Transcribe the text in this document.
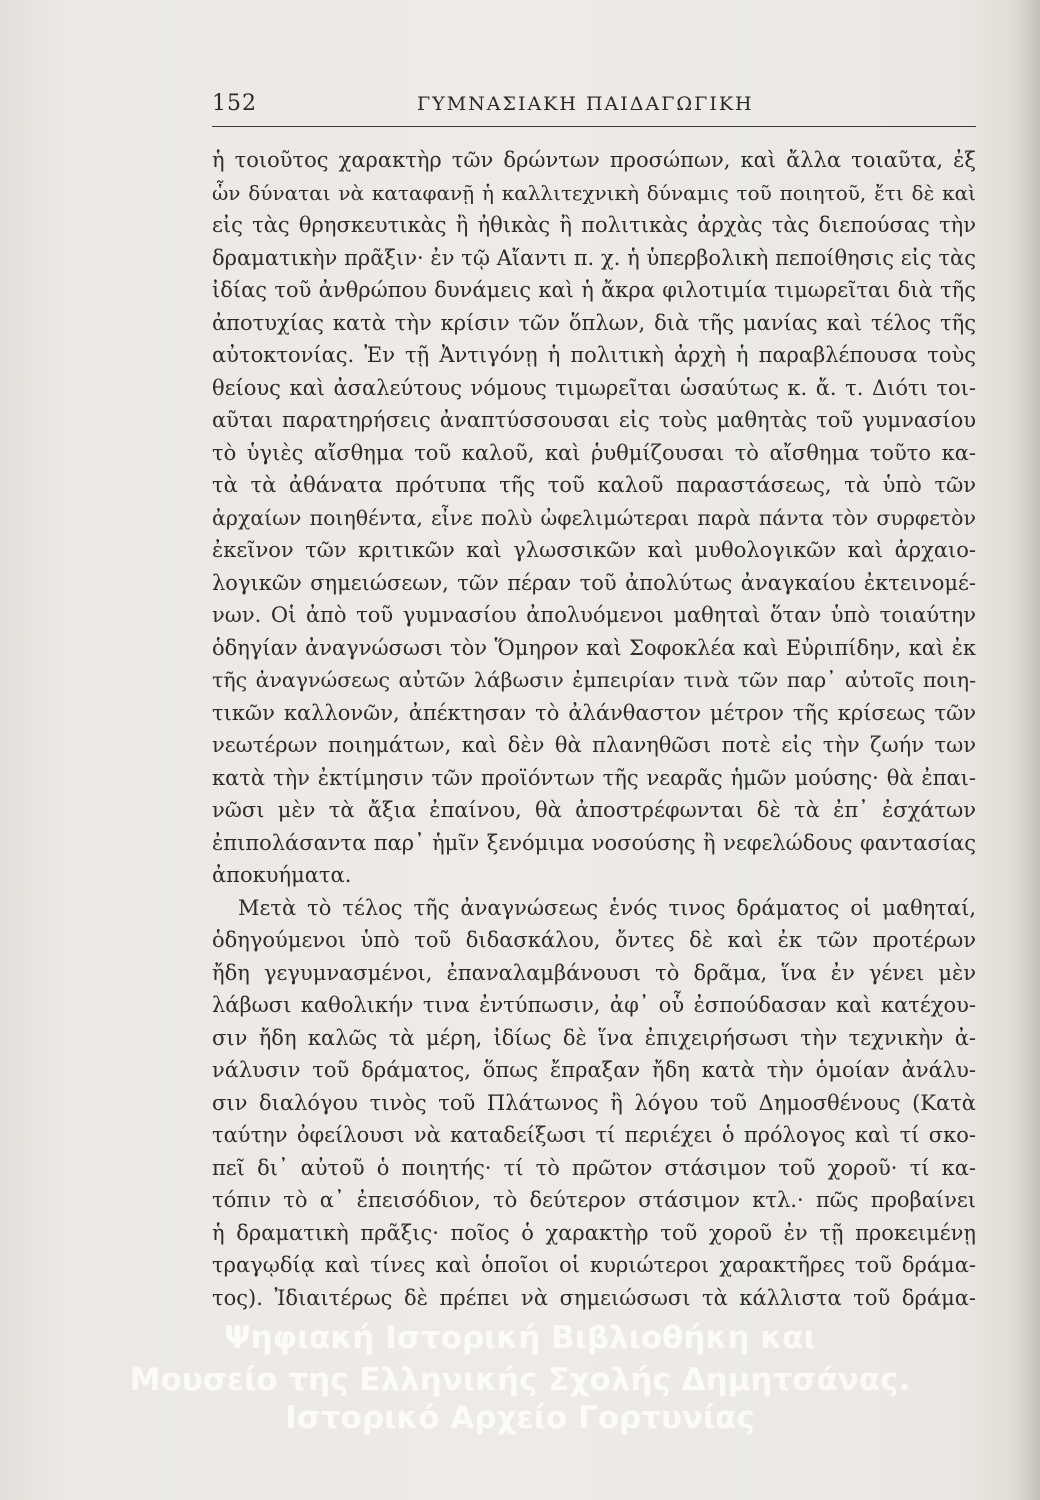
152	ΓΥΜΝΑΣΙΑΚΗ ΠΑΙΔΑΓΩΓΙΚΗ
ἡ τοιοῦτος χαρακτὴρ τῶν δρώντων προσώπων, καὶ ἄλλα τοιαῦτα, ἐξ
ὧν δύναται νὰ καταφανῇ ἡ καλλιτεχνικὴ δύναμις τοῦ ποιητοῦ, ἔτι δὲ καὶ
εἰς τὰς θρησκευτικὰς ἢ ἠθικὰς ἢ πολιτικὰς ἀρχὰς τὰς διεπούσας τὴν
δραματικὴν πρᾶξιν· ἐν τῷ Αἴαντι π. χ. ἡ ὑπερβολικὴ πεποίθησις εἰς τὰς
ἰδίας τοῦ ἀνθρώπου δυνάμεις καὶ ἡ ἄκρα φιλοτιμία τιμωρεῖται διὰ τῆς
ἀποτυχίας κατὰ τὴν κρίσιν τῶν ὅπλων, διὰ τῆς μανίας καὶ τέλος τῆς
αὐτοκτονίας. Ἐν τῇ Ἀντιγόνῃ ἡ πολιτικὴ ἀρχὴ ἡ παραβλέπουσα τοὺς
θείους καὶ ἀσαλεύτους νόμους τιμωρεῖται ὡσαύτως κ. ἄ. τ. Διότι τοι-
αῦται παρατηρήσεις ἀναπτύσσουσαι εἰς τοὺς μαθητὰς τοῦ γυμνασίου
τὸ ὑγιὲς αἴσθημα τοῦ καλοῦ, καὶ ῥυθμίζουσαι τὸ αἴσθημα τοῦτο κα-
τὰ τὰ ἀθάνατα πρότυπα τῆς τοῦ καλοῦ παραστάσεως, τὰ ὑπὸ τῶν
ἀρχαίων ποιηθέντα, εἶνε πολὺ ὠφελιμώτεραι παρὰ πάντα τὸν συρφετὸν
ἐκεῖνον τῶν κριτικῶν καὶ γλωσσικῶν καὶ μυθολογικῶν καὶ ἀρχαιο-
λογικῶν σημειώσεων, τῶν πέραν τοῦ ἀπολύτως ἀναγκαίου ἐκτεινομέ-
νων. Οἱ ἀπὸ τοῦ γυμνασίου ἀπολυόμενοι μαθηταὶ ὅταν ὑπὸ τοιαύτην
ὁδηγίαν ἀναγνώσωσι τὸν Ὅμηρον καὶ Σοφοκλέα καὶ Εὐριπίδην, καὶ ἐκ
τῆς ἀναγνώσεως αὐτῶν λάβωσιν ἐμπειρίαν τινὰ τῶν παρ᾽ αὐτοῖς ποιη-
τικῶν καλλονῶν, ἀπέκτησαν τὸ ἀλάνθαστον μέτρον τῆς κρίσεως τῶν
νεωτέρων ποιημάτων, καὶ δὲν θὰ πλανηθῶσι ποτὲ εἰς τὴν ζωήν των
κατὰ τὴν ἐκτίμησιν τῶν προϊόντων τῆς νεαρᾶς ἡμῶν μούσης· θὰ ἐπαι-
νῶσι μὲν τὰ ἄξια ἐπαίνου, θὰ ἀποστρέφωνται δὲ τὰ ἐπ᾽ ἐσχάτων
ἐπιπολάσαντα παρ᾽ ἡμῖν ξενόμιμα νοσούσης ἢ νεφελώδους φαντασίας
ἀποκυήματα.
Μετὰ τὸ τέλος τῆς ἀναγνώσεως ἑνός τινος δράματος οἱ μαθηταί,
ὁδηγούμενοι ὑπὸ τοῦ διδασκάλου, ὄντες δὲ καὶ ἐκ τῶν προτέρων
ἤδη γεγυμνασμένοι, ἐπαναλαμβάνουσι τὸ δρᾶμα, ἵνα ἐν γένει μὲν
λάβωσι καθολικήν τινα ἐντύπωσιν, ἀφ᾽ οὗ ἐσπούδασαν καὶ κατέχου-
σιν ἤδη καλῶς τὰ μέρη, ἰδίως δὲ ἵνα ἐπιχειρήσωσι τὴν τεχνικὴν ἀ-
νάλυσιν τοῦ δράματος, ὅπως ἔπραξαν ἤδη κατὰ τὴν ὁμοίαν ἀνάλυ-
σιν διαλόγου τινὸς τοῦ Πλάτωνος ἢ λόγου τοῦ Δημοσθένους (Κατὰ
ταύτην ὀφείλουσι νὰ καταδείξωσι τί περιέχει ὁ πρόλογος καὶ τί σκο-
πεῖ δι᾽ αὐτοῦ ὁ ποιητής· τί τὸ πρῶτον στάσιμον τοῦ χοροῦ· τί κα-
τόπιν τὸ α᾽ ἐπεισόδιον, τὸ δεύτερον στάσιμον κτλ.· πῶς προβαίνει
ἡ δραματικὴ πρᾶξις· ποῖος ὁ χαρακτὴρ τοῦ χοροῦ ἐν τῇ προκειμένῃ
τραγῳδίᾳ καὶ τίνες καὶ ὁποῖοι οἱ κυριώτεροι χαρακτῆρες τοῦ δράμα-
τος). Ἰδιαιτέρως δὲ πρέπει νὰ σημειώσωσι τὰ κάλλιστα τοῦ δράμα-
Ψηφιακή Ιστορική Βιβλιοθήκη και
Μουσείο της Ελληνικής Σχολής Δημητσάνας.
Ιστορικό Αρχείο Γορτυνίας
